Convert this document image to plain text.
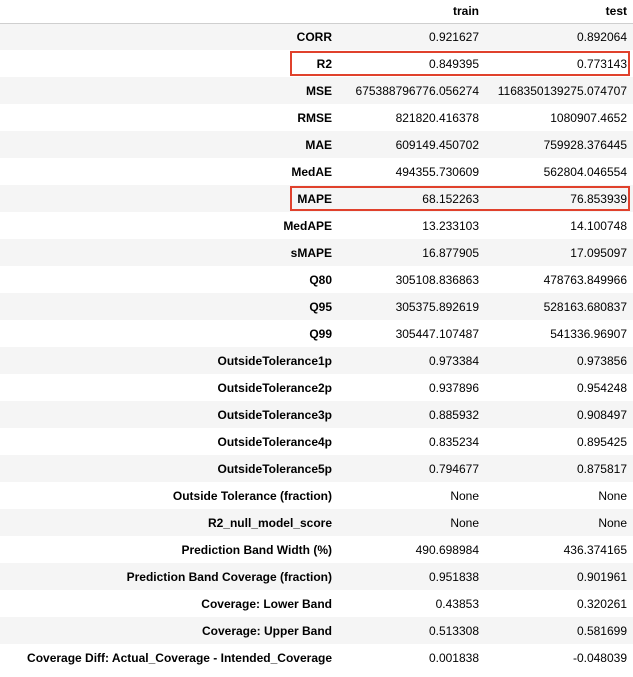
	train	test
CORR	0.921627	0.892064
R2	0.849395	0.773143
MSE	675388796776.056274	1168350139275.074707
RMSE	821820.416378	1080907.4652
MAE	609149.450702	759928.376445
MedAE	494355.730609	562804.046554
MAPE	68.152263	76.853939
MedAPE	13.233103	14.100748
sMAPE	16.877905	17.095097
Q80	305108.836863	478763.849966
Q95	305375.892619	528163.680837
Q99	305447.107487	541336.96907
OutsideTolerance1p	0.973384	0.973856
OutsideTolerance2p	0.937896	0.954248
OutsideTolerance3p	0.885932	0.908497
OutsideTolerance4p	0.835234	0.895425
OutsideTolerance5p	0.794677	0.875817
Outside Tolerance (fraction)	None	None
R2_null_model_score	None	None
Prediction Band Width (%)	490.698984	436.374165
Prediction Band Coverage (fraction)	0.951838	0.901961
Coverage: Lower Band	0.43853	0.320261
Coverage: Upper Band	0.513308	0.581699
Coverage Diff: Actual_Coverage - Intended_Coverage	0.001838	-0.048039
